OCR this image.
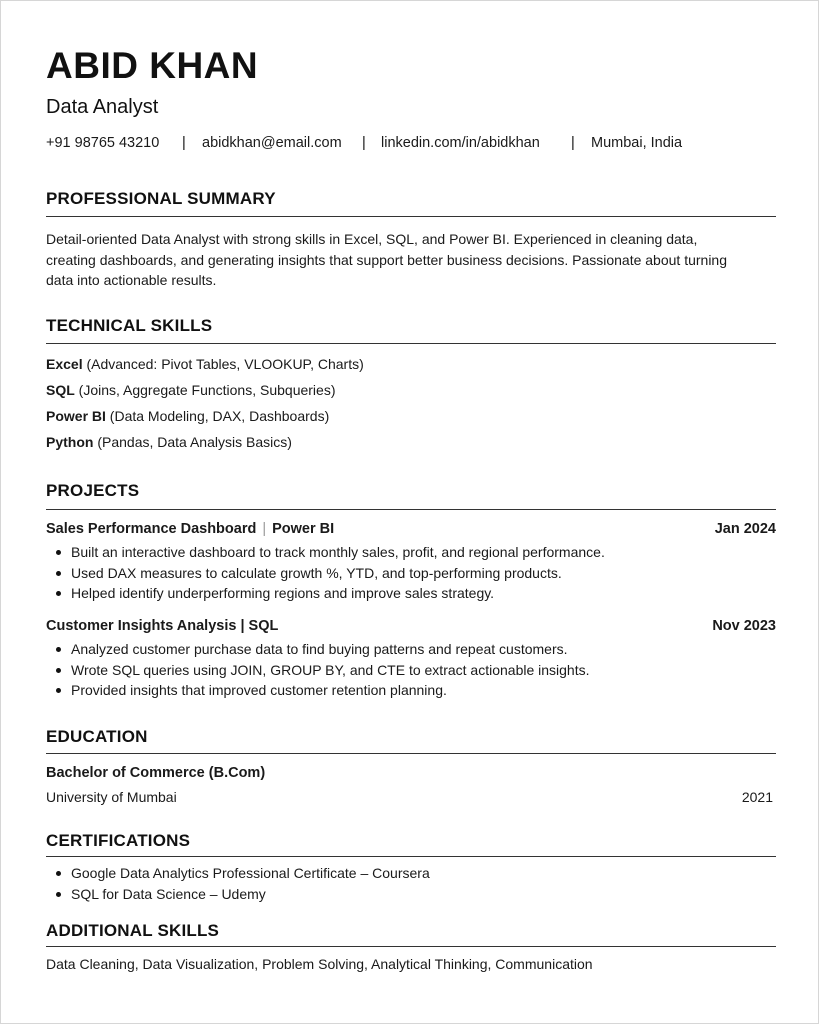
ABID KHAN
Data Analyst
+91 98765 43210 | abidkhan@email.com | linkedin.com/in/abidkhan | Mumbai, India
PROFESSIONAL SUMMARY
Detail-oriented Data Analyst with strong skills in Excel, SQL, and Power BI. Experienced in cleaning data, creating dashboards, and generating insights that support better business decisions. Passionate about turning data into actionable results.
TECHNICAL SKILLS
Excel (Advanced: Pivot Tables, VLOOKUP, Charts)
SQL (Joins, Aggregate Functions, Subqueries)
Power BI (Data Modeling, DAX, Dashboards)
Python (Pandas, Data Analysis Basics)
PROJECTS
Sales Performance Dashboard | Power BI	Jan 2024
Built an interactive dashboard to track monthly sales, profit, and regional performance.
Used DAX measures to calculate growth %, YTD, and top-performing products.
Helped identify underperforming regions and improve sales strategy.
Customer Insights Analysis | SQL	Nov 2023
Analyzed customer purchase data to find buying patterns and repeat customers.
Wrote SQL queries using JOIN, GROUP BY, and CTE to extract actionable insights.
Provided insights that improved customer retention planning.
EDUCATION
Bachelor of Commerce (B.Com)
University of Mumbai	2021
CERTIFICATIONS
Google Data Analytics Professional Certificate – Coursera
SQL for Data Science – Udemy
ADDITIONAL SKILLS
Data Cleaning, Data Visualization, Problem Solving, Analytical Thinking, Communication
